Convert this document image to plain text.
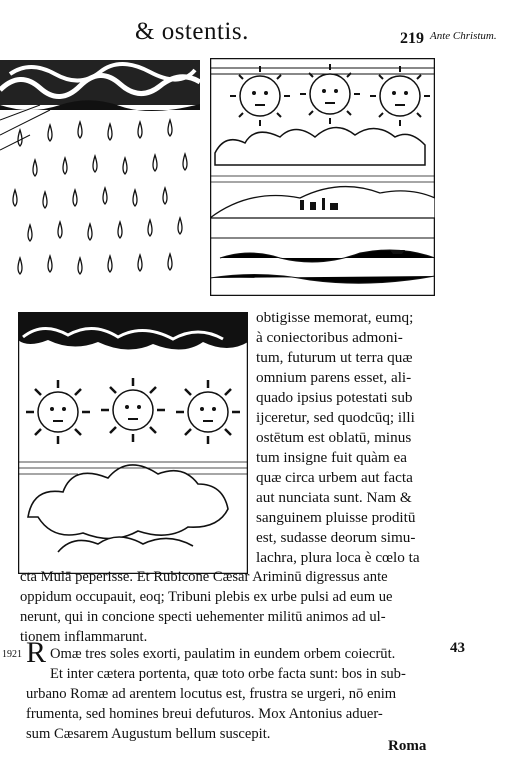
& ostentis.	219 Ante Christum.
obtigisse memorat, eumq;
à coniectoribus admoni-
tum, futurum ut terra quæ
omnium parens esset, ali-
quado ipsius potestati sub
ijceretur, sed quodcūq; illi
ostētum est oblatū, minus
tum insigne fuit quàm ea
quæ circa urbem aut facta
aut nunciata sunt. Nam &
sanguinem pluisse proditū
est, sudasse deorum simu-
lachra, plura loca è cœlo ta
cta Mulā peperisse. Et Rubicone Cæsar Ariminū digressus ante
oppidum occupauit, eoq; Tribuni plebis ex urbe pulsi ad eum ue
nerunt, qui in concione specti uehementer militū animos ad ul-
tionem inflammarunt.
1921 R Omæ tres soles exorti, paulatim in eundem orbem coiecrūt.	43
Et inter cætera portenta, quæ toto orbe facta sunt: bos in sub-
urbano Romæ ad arentem locutus est, frustra se urgeri, nō enim
frumenta, sed homines breui defuturos. Mox Antonius aduer-
sum Cæsarem Augustum bellum suscepit.
Roma
